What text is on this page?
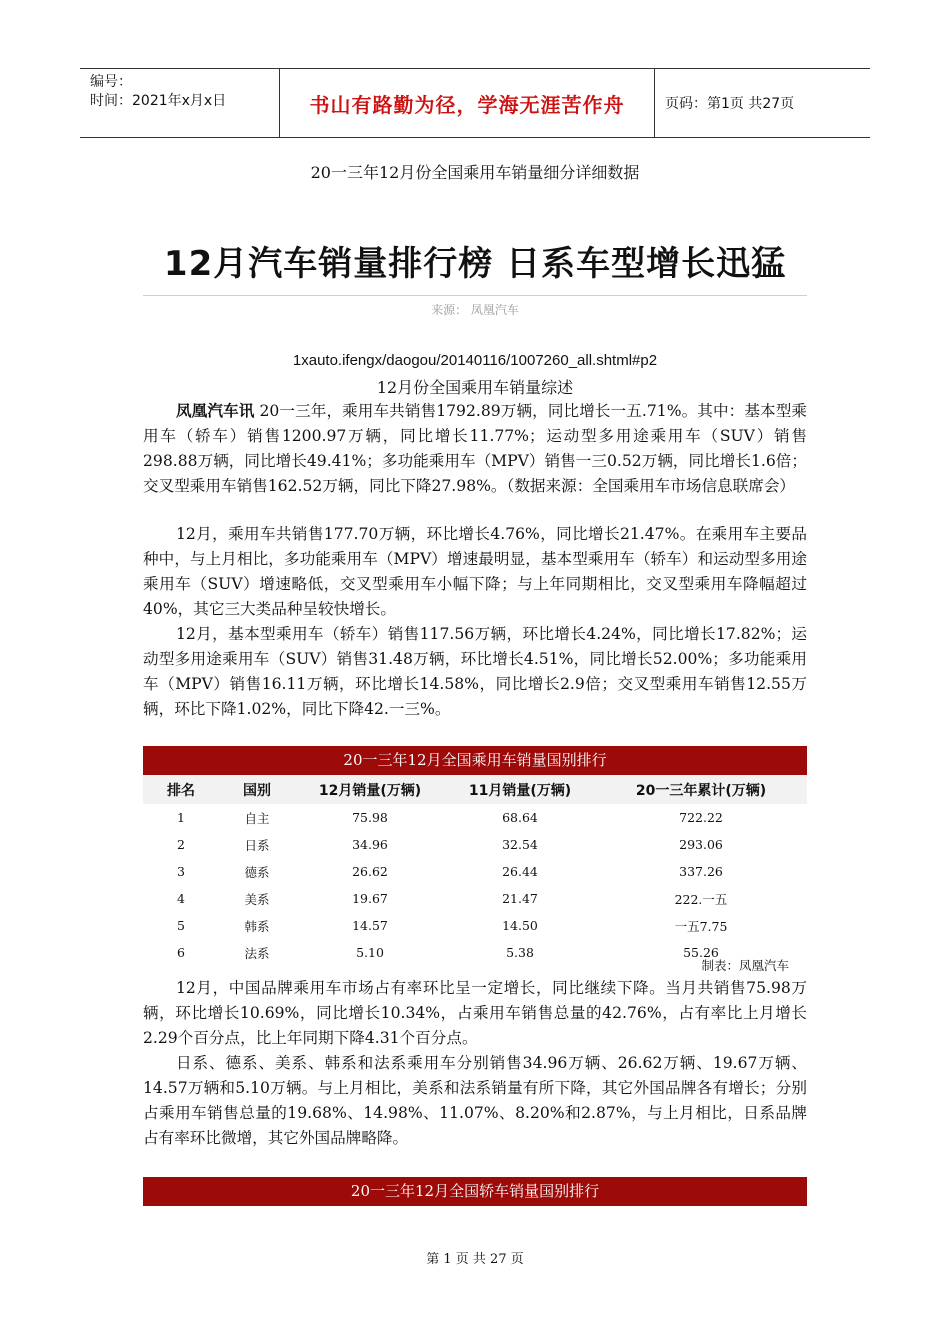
编号：
时间：2021年x月x日	书山有路勤为径，学海无涯苦作舟	页码：第1页 共27页
20一三年12月份全国乘用车销量细分详细数据
12月汽车销量排行榜 日系车型增长迅猛
来源： 凤凰汽车
1xauto.ifengx/daogou/20140116/1007260_all.shtml#p2
12月份全国乘用车销量综述

凤凰汽车讯 20一三年，乘用车共销售1792.89万辆，同比增长一五.71%。其中：基本型乘用车（轿车）销售1200.97万辆，同比增长11.77%；运动型多用途乘用车（SUV）销售298.88万辆，同比增长49.41%；多功能乘用车（MPV）销售一三0.52万辆，同比增长1.6倍；交叉型乘用车销售162.52万辆，同比下降27.98%。（数据来源：全国乘用车市场信息联席会）

12月，乘用车共销售177.70万辆，环比增长4.76%，同比增长21.47%。在乘用车主要品种中，与上月相比，多功能乘用车（MPV）增速最明显，基本型乘用车（轿车）和运动型多用途乘用车（SUV）增速略低，交叉型乘用车小幅下降；与上年同期相比，交叉型乘用车降幅超过40%，其它三大类品种呈较快增长。

12月，基本型乘用车（轿车）销售117.56万辆，环比增长4.24%，同比增长17.82%；运动型多用途乘用车（SUV）销售31.48万辆，环比增长4.51%，同比增长52.00%；多功能乘用车（MPV）销售16.11万辆，环比增长14.58%，同比增长2.9倍；交叉型乘用车销售12.55万辆，环比下降1.02%，同比下降42.一三%。

20一三年12月全国乘用车销量国别排行
排名	国别	12月销量(万辆)	11月销量(万辆)	20一三年累计(万辆)
1	自主	75.98	68.64	722.22
2	日系	34.96	32.54	293.06
3	德系	26.62	26.44	337.26
4	美系	19.67	21.47	222.一五
5	韩系	14.57	14.50	一五7.75
6	法系	5.10	5.38	55.26
制表：凤凰汽车

12月，中国品牌乘用车市场占有率环比呈一定增长，同比继续下降。当月共销售75.98万辆，环比增长10.69%，同比增长10.34%，占乘用车销售总量的42.76%，占有率比上月增长2.29个百分点，比上年同期下降4.31个百分点。

日系、德系、美系、韩系和法系乘用车分别销售34.96万辆、26.62万辆、19.67万辆、14.57万辆和5.10万辆。与上月相比，美系和法系销量有所下降，其它外国品牌各有增长；分别占乘用车销售总量的19.68%、14.98%、11.07%、8.20%和2.87%，与上月相比，日系品牌占有率环比微增，其它外国品牌略降。

20一三年12月全国轿车销量国别排行
第 1 页 共 27 页
